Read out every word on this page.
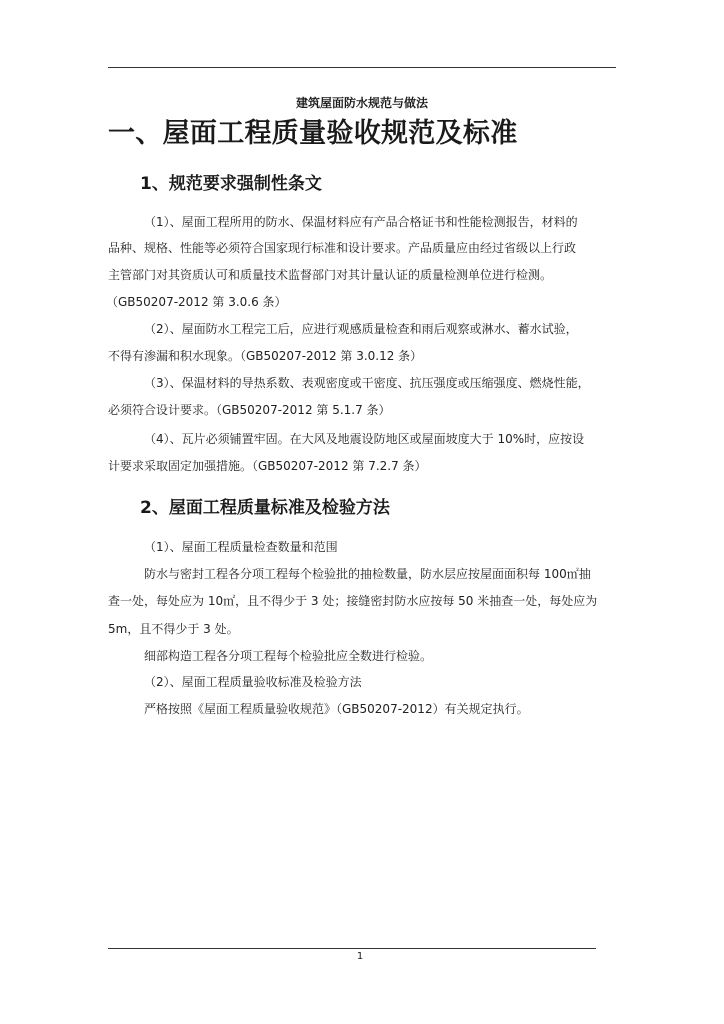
建筑屋面防水规范与做法
一、屋面工程质量验收规范及标准
1、规范要求强制性条文
（1）、屋面工程所用的防水、保温材料应有产品合格证书和性能检测报告，材料的
品种、规格、性能等必须符合国家现行标准和设计要求。产品质量应由经过省级以上行政
主管部门对其资质认可和质量技术监督部门对其计量认证的质量检测单位进行检测。
（GB50207-2012 第 3.0.6 条）
（2）、屋面防水工程完工后，应进行观感质量检查和雨后观察或淋水、蓄水试验，
不得有渗漏和积水现象。（GB50207-2012 第 3.0.12 条）
（3）、保温材料的导热系数、表观密度或干密度、抗压强度或压缩强度、燃烧性能，
必须符合设计要求。（GB50207-2012 第 5.1.7 条）
（4）、瓦片必须铺置牢固。在大风及地震设防地区或屋面坡度大于 10%时，应按设
计要求采取固定加强措施。（GB50207-2012 第 7.2.7 条）
2、屋面工程质量标准及检验方法
（1）、屋面工程质量检查数量和范围
防水与密封工程各分项工程每个检验批的抽检数量，防水层应按屋面面积每 100㎡抽
查一处，每处应为 10㎡，且不得少于 3 处；接缝密封防水应按每 50 米抽查一处，每处应为
5m，且不得少于 3 处。
细部构造工程各分项工程每个检验批应全数进行检验。
（2）、屋面工程质量验收标准及检验方法
严格按照《屋面工程质量验收规范》（GB50207-2012）有关规定执行。
1
